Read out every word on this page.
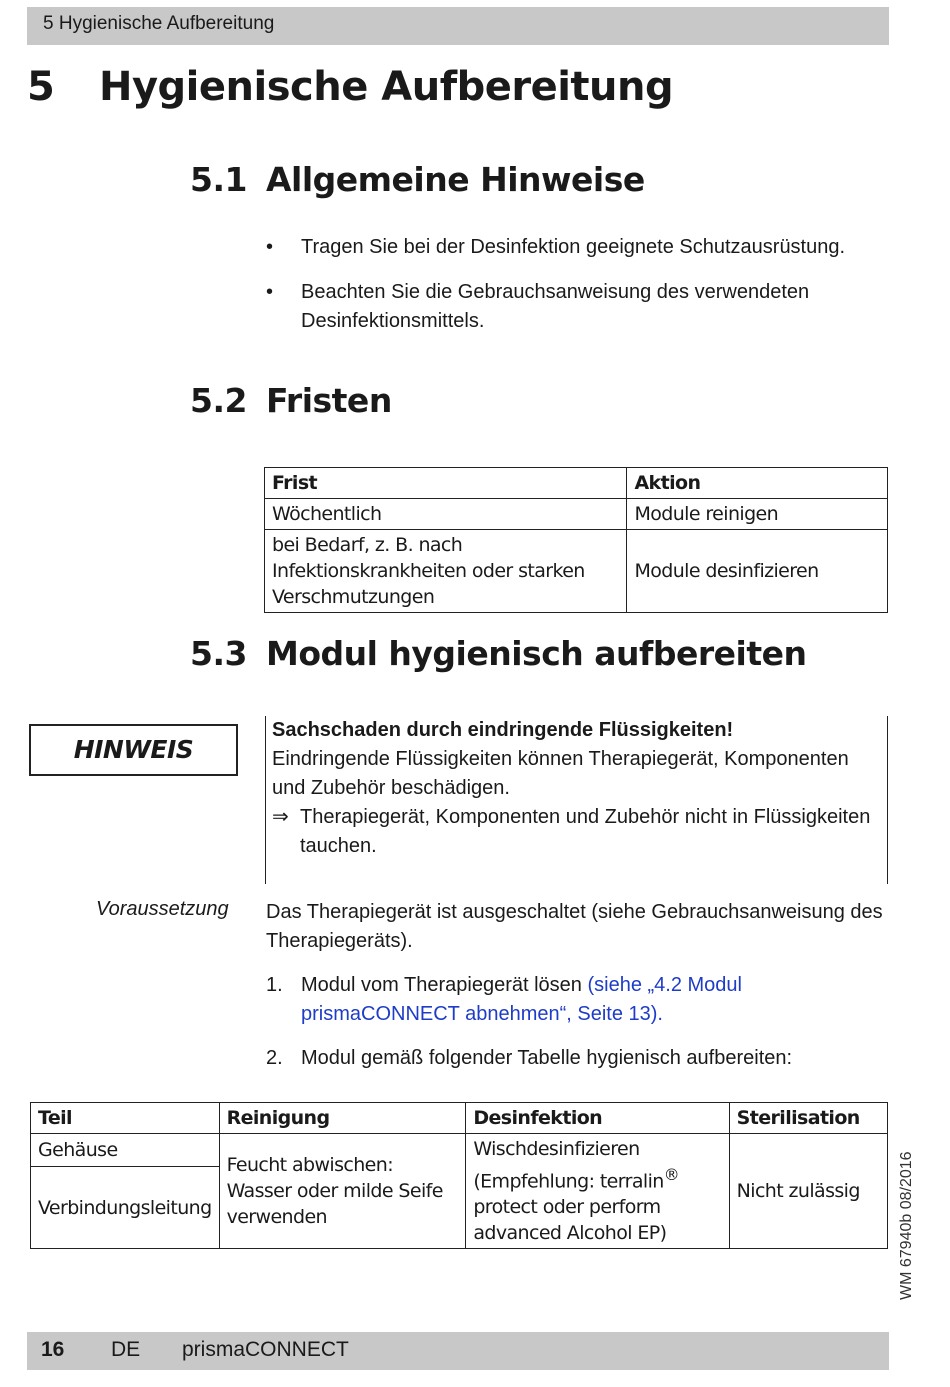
5 Hygienische Aufbereitung
5 Hygienische Aufbereitung
5.1 Allgemeine Hinweise
• Tragen Sie bei der Desinfektion geeignete Schutzausrüstung.
• Beachten Sie die Gebrauchsanweisung des verwendeten Desinfektionsmittels.
5.2 Fristen
Frist	Aktion
Wöchentlich	Module reinigen
bei Bedarf, z. B. nach Infektionskrankheiten oder starken Verschmutzungen	Module desinfizieren
5.3 Modul hygienisch aufbereiten
HINWEIS
Sachschaden durch eindringende Flüssigkeiten!
Eindringende Flüssigkeiten können Therapiegerät, Komponenten und Zubehör beschädigen.
⇒ Therapiegerät, Komponenten und Zubehör nicht in Flüssigkeiten tauchen.
Voraussetzung Das Therapiegerät ist ausgeschaltet (siehe Gebrauchsanweisung des Therapiegeräts).
1. Modul vom Therapiegerät lösen (siehe „4.2 Modul prismaCONNECT abnehmen“, Seite 13).
2. Modul gemäß folgender Tabelle hygienisch aufbereiten:
Teil	Reinigung	Desinfektion	Sterilisation
Gehäuse	Feucht abwischen: Wasser oder milde Seife verwenden	Wischdesinfizieren (Empfehlung: terralin® protect oder perform advanced Alcohol EP)	Nicht zulässig
Verbindungsleitung				WM 67940b 08/2016
16 DE prismaCONNECT
